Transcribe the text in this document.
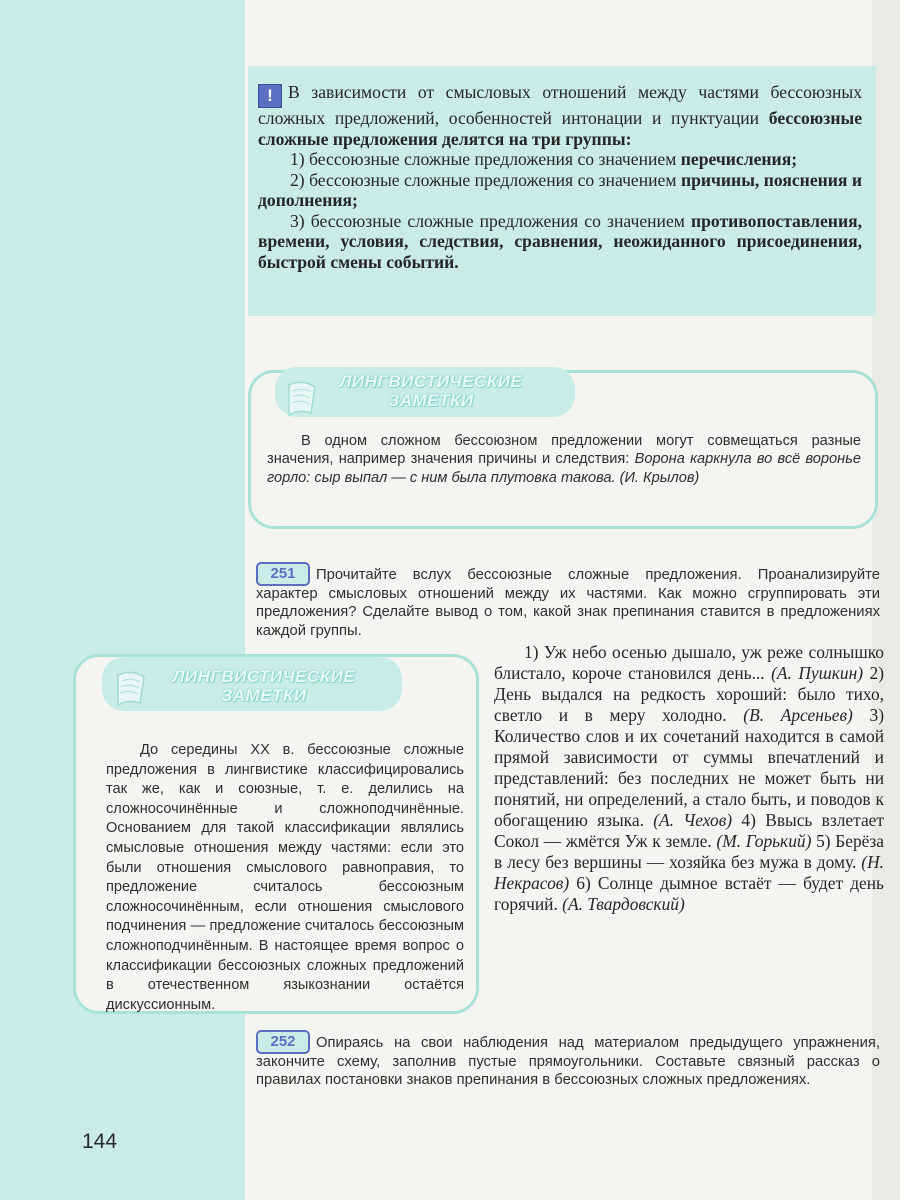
! В зависимости от смысловых отношений между частями бессоюзных сложных предложений, особенностей интонации и пунктуации бессоюзные сложные предложения делятся на три группы:

1) бессоюзные сложные предложения со значением перечисления;

2) бессоюзные сложные предложения со значением причины, пояснения и дополнения;

3) бессоюзные сложные предложения со значением противопоставления, времени, условия, следствия, сравнения, неожиданного присоединения, быстрой смены событий.

ЛИНГВИСТИЧЕСКИЕ
ЗАМЕТКИ

В одном сложном бессоюзном предложении могут совмещаться разные значения, например значения причины и следствия: Ворона каркнула во всё воронье горло: сыр выпал — с ним была плутовка такова. (И. Крылов)

251	Прочитайте вслух бессоюзные сложные предложения. Проанализируйте характер смысловых отношений между их частями. Как можно сгруппировать эти предложения? Сделайте вывод о том, какой знак препинания ставится в предложениях каждой группы.

ЛИНГВИСТИЧЕСКИЕ
ЗАМЕТКИ

До середины XX в. бессоюзные сложные предложения в лингвистике классифицировались так же, как и союзные, т. е. делились на сложносочинённые и сложноподчинённые. Основанием для такой классификации являлись смысловые отношения между частями: если это были отношения смыслового равноправия, то предложение считалось бессоюзным сложносочинённым, если отношения смыслового подчинения — предложение считалось бессоюзным сложноподчинённым. В настоящее время вопрос о классификации бессоюзных сложных предложений в отечественном языкознании остаётся дискуссионным.

1) Уж небо осенью дышало, уж реже солнышко блистало, короче становился день... (А. Пушкин) 2) День выдался на редкость хороший: было тихо, светло и в меру холодно. (В. Арсеньев) 3) Количество слов и их сочетаний находится в самой прямой зависимости от суммы впечатлений и представлений: без последних не может быть ни понятий, ни определений, а стало быть, и поводов к обогащению языка. (А. Чехов) 4) Ввысь взлетает Сокол — жмётся Уж к земле. (М. Горький) 5) Берёза в лесу без вершины — хозяйка без мужа в дому. (Н. Некрасов) 6) Солнце дымное встаёт — будет день горячий. (А. Твардовский)
252	Опираясь на свои наблюдения над материалом предыдущего упражнения, закончите схему, заполнив пустые прямоугольники. Составьте связный рассказ о правилах постановки знаков препинания в бессоюзных сложных предложениях.

144
